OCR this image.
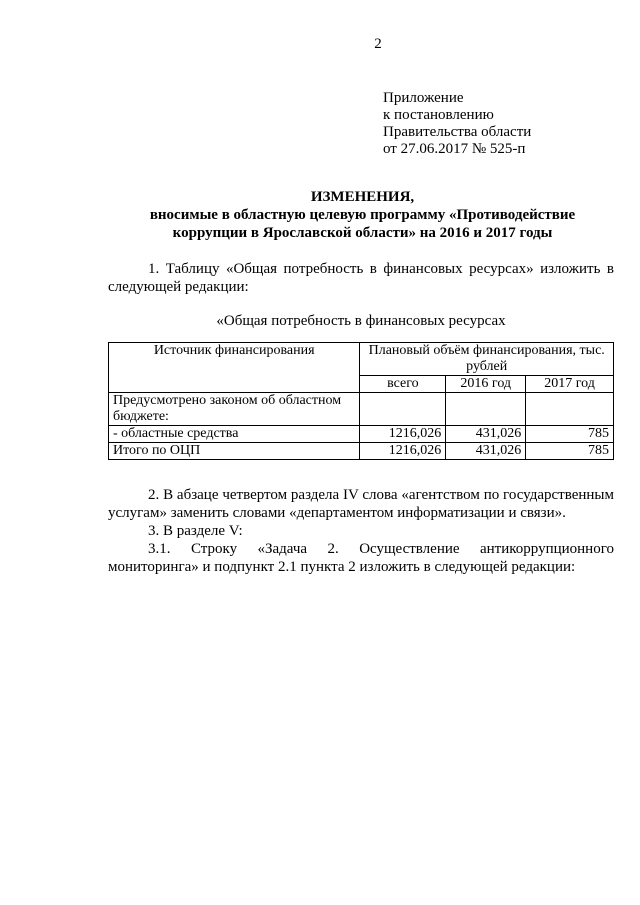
2
Приложение
к постановлению
Правительства области
от 27.06.2017 № 525-п
ИЗМЕНЕНИЯ,
вносимые в областную целевую программу «Противодействие
коррупции в Ярославской области» на 2016 и 2017 годы
1. Таблицу «Общая потребность в финансовых ресурсах» изложить в следующей редакции:
«Общая потребность в финансовых ресурсах
Источник финансирования	Плановый объём финансирования, тыс. рублей		
	всего	2016 год	2017 год
Предусмотрено законом об областном бюджете:			
- областные средства	1216,026	431,026	785
Итого по ОЦП	1216,026	431,026	785
2. В абзаце четвертом раздела IV слова «агентством по государственным услугам» заменить словами «департаментом информатизации и связи».
3. В разделе V:
3.1. Строку «Задача 2. Осуществление антикоррупционного мониторинга» и подпункт 2.1 пункта 2 изложить в следующей редакции:
